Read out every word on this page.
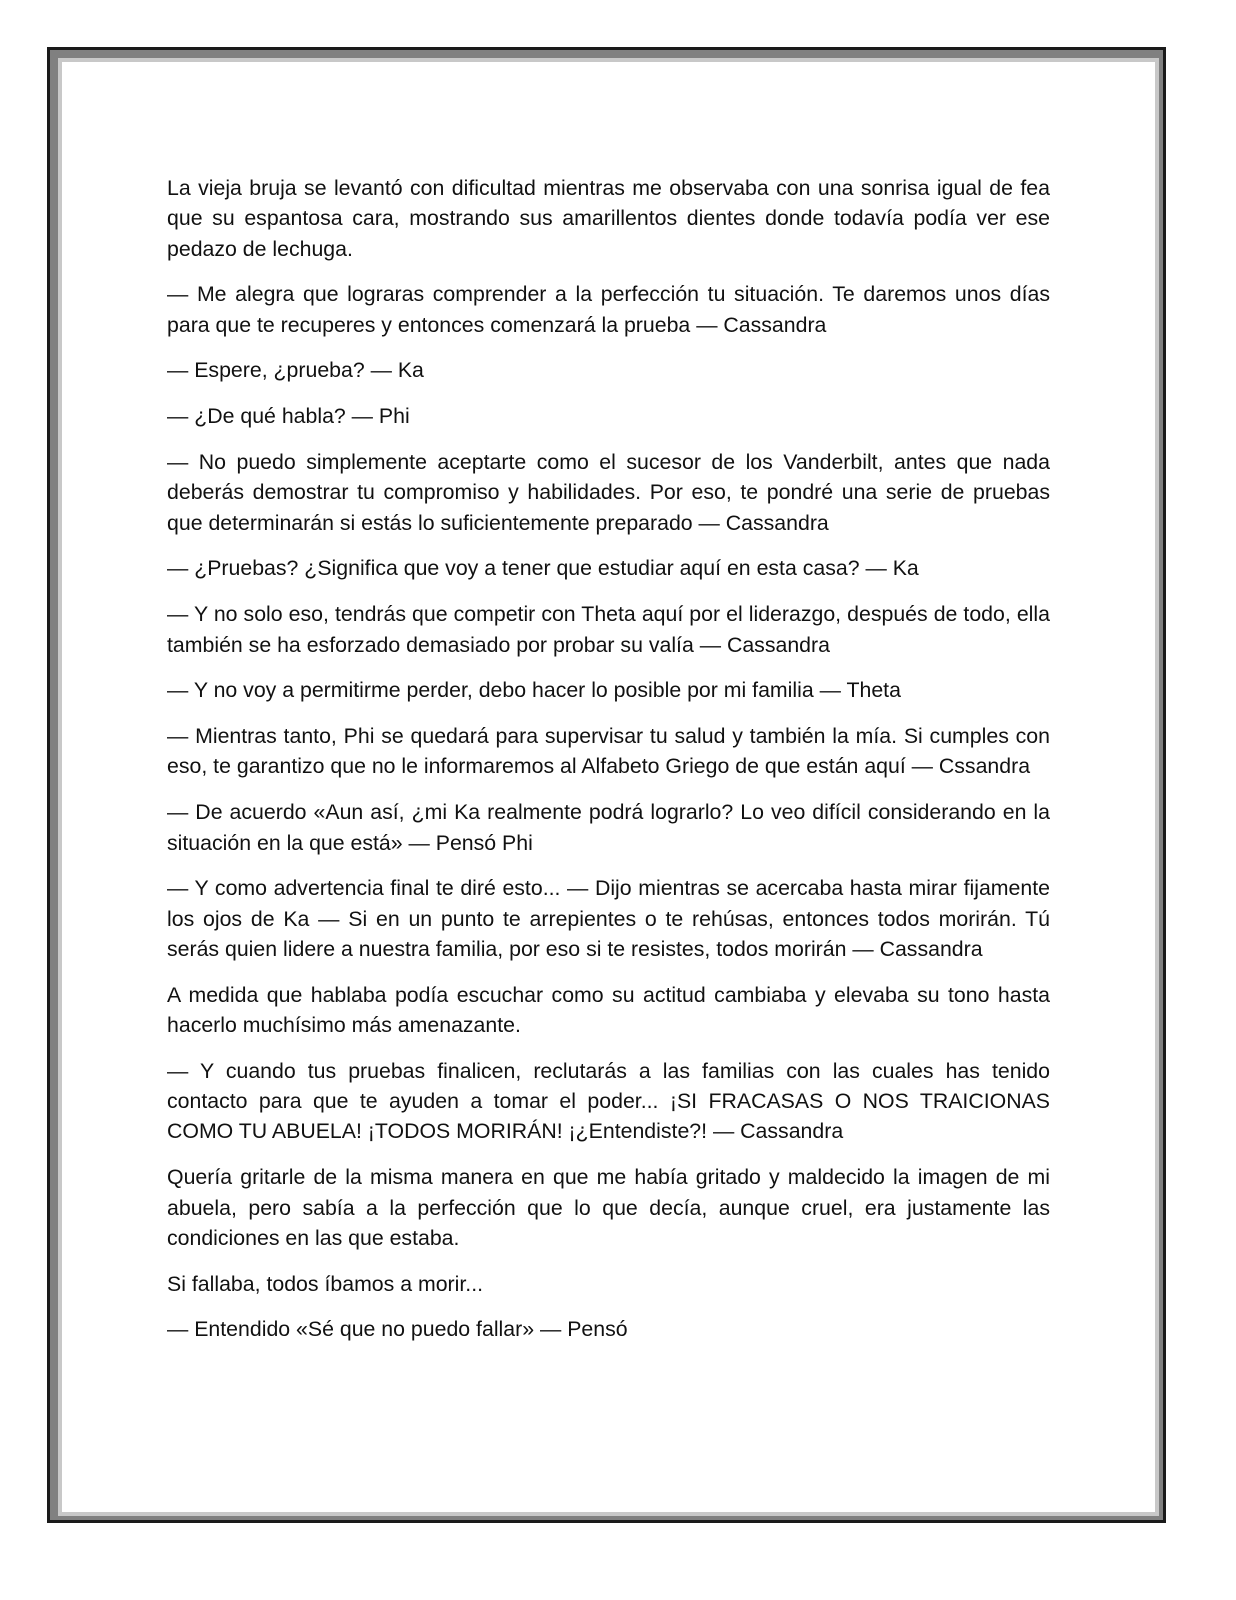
La vieja bruja se levantó con dificultad mientras me observaba con una sonrisa igual de fea que su espantosa cara, mostrando sus amarillentos dientes donde todavía podía ver ese pedazo de lechuga.

— Me alegra que lograras comprender a la perfección tu situación. Te daremos unos días para que te recuperes y entonces comenzará la prueba — Cassandra

— Espere, ¿prueba? — Ka

— ¿De qué habla? — Phi

— No puedo simplemente aceptarte como el sucesor de los Vanderbilt, antes que nada deberás demostrar tu compromiso y habilidades. Por eso, te pondré una serie de pruebas que determinarán si estás lo suficientemente preparado — Cassandra

— ¿Pruebas? ¿Significa que voy a tener que estudiar aquí en esta casa? — Ka

— Y no solo eso, tendrás que competir con Theta aquí por el liderazgo, después de todo, ella también se ha esforzado demasiado por probar su valía — Cassandra

— Y no voy a permitirme perder, debo hacer lo posible por mi familia — Theta

— Mientras tanto, Phi se quedará para supervisar tu salud y también la mía. Si cumples con eso, te garantizo que no le informaremos al Alfabeto Griego de que están aquí — Cssandra

— De acuerdo «Aun así, ¿mi Ka realmente podrá lograrlo? Lo veo difícil considerando en la situación en la que está» — Pensó Phi

— Y como advertencia final te diré esto... — Dijo mientras se acercaba hasta mirar fijamente los ojos de Ka — Si en un punto te arrepientes o te rehúsas, entonces todos morirán. Tú serás quien lidere a nuestra familia, por eso si te resistes, todos morirán — Cassandra

A medida que hablaba podía escuchar como su actitud cambiaba y elevaba su tono hasta hacerlo muchísimo más amenazante.

— Y cuando tus pruebas finalicen, reclutarás a las familias con las cuales has tenido contacto para que te ayuden a tomar el poder... ¡SI FRACASAS O NOS TRAICIONAS COMO TU ABUELA! ¡TODOS MORIRÁN! ¡¿Entendiste?! — Cassandra

Quería gritarle de la misma manera en que me había gritado y maldecido la imagen de mi abuela, pero sabía a la perfección que lo que decía, aunque cruel, era justamente las condiciones en las que estaba.

Si fallaba, todos íbamos a morir...

— Entendido «Sé que no puedo fallar» — Pensó
